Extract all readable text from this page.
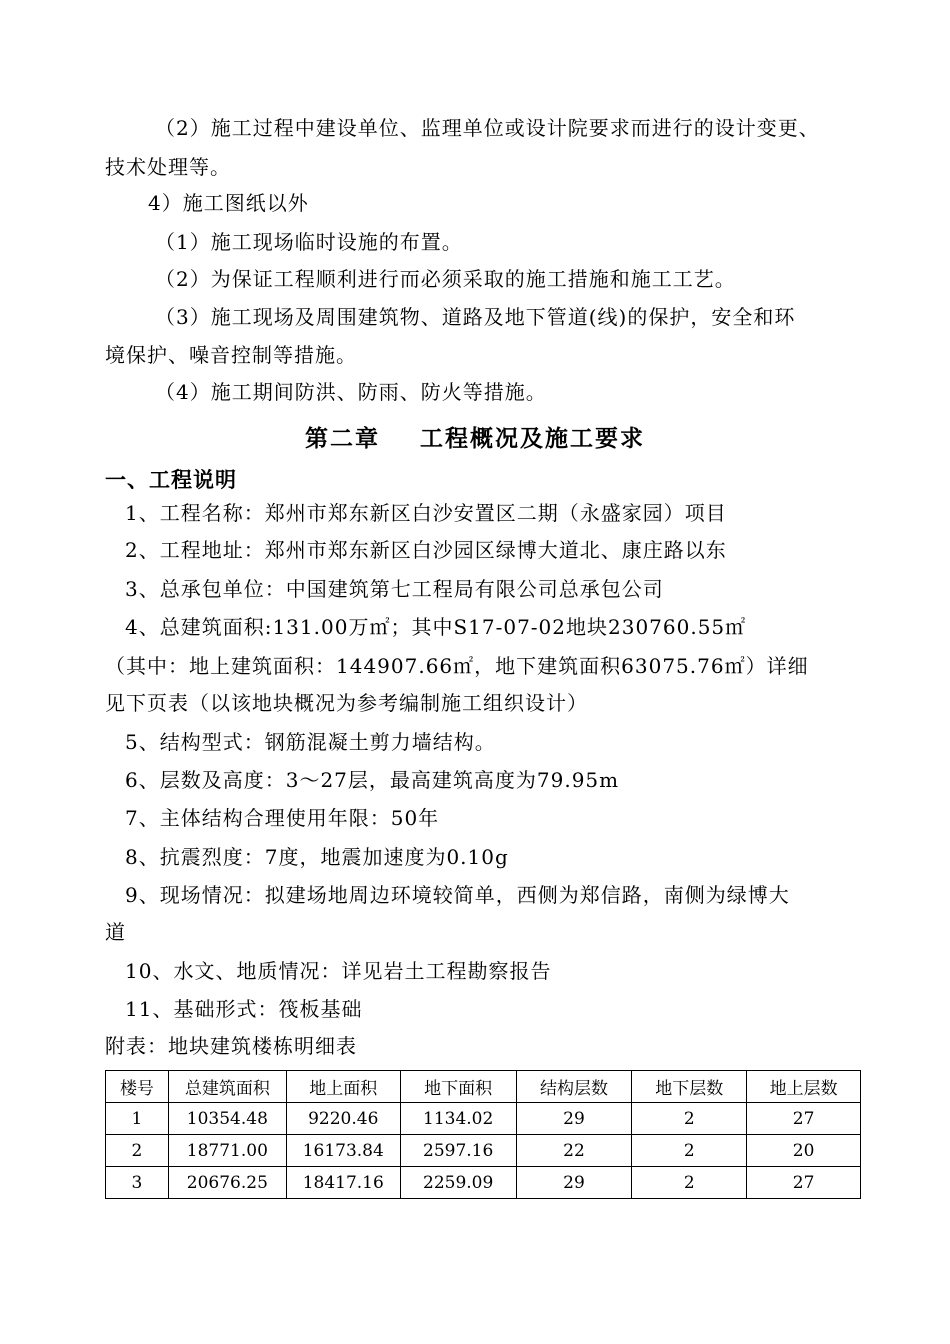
（2）施工过程中建设单位、监理单位或设计院要求而进行的设计变更、
技术处理等。
4）施工图纸以外
（1）施工现场临时设施的布置。
（2）为保证工程顺利进行而必须采取的施工措施和施工工艺。
（3）施工现场及周围建筑物、道路及地下管道(线)的保护，安全和环
境保护、噪音控制等措施。
（4）施工期间防洪、防雨、防火等措施。
第二章    工程概况及施工要求
一、工程说明
1、工程名称：郑州市郑东新区白沙安置区二期（永盛家园）项目
2、工程地址：郑州市郑东新区白沙园区绿博大道北、康庄路以东
3、总承包单位：中国建筑第七工程局有限公司总承包公司
4、总建筑面积:131.00万㎡；其中S17-07-02地块230760.55㎡
（其中：地上建筑面积：144907.66㎡，地下建筑面积63075.76㎡）详细
见下页表（以该地块概况为参考编制施工组织设计）
5、结构型式：钢筋混凝土剪力墙结构。
6、层数及高度：3～27层，最高建筑高度为79.95m
7、主体结构合理使用年限：50年
8、抗震烈度：7度，地震加速度为0.10g
9、现场情况：拟建场地周边环境较简单，西侧为郑信路，南侧为绿博大
道
10、水文、地质情况：详见岩土工程勘察报告
11、基础形式：筏板基础
附表：地块建筑楼栋明细表
楼号	总建筑面积	地上面积	地下面积	结构层数	地下层数	地上层数
1	10354.48	9220.46	1134.02	29	2	27
2	18771.00	16173.84	2597.16	22	2	20
3	20676.25	18417.16	2259.09	29	2	27
